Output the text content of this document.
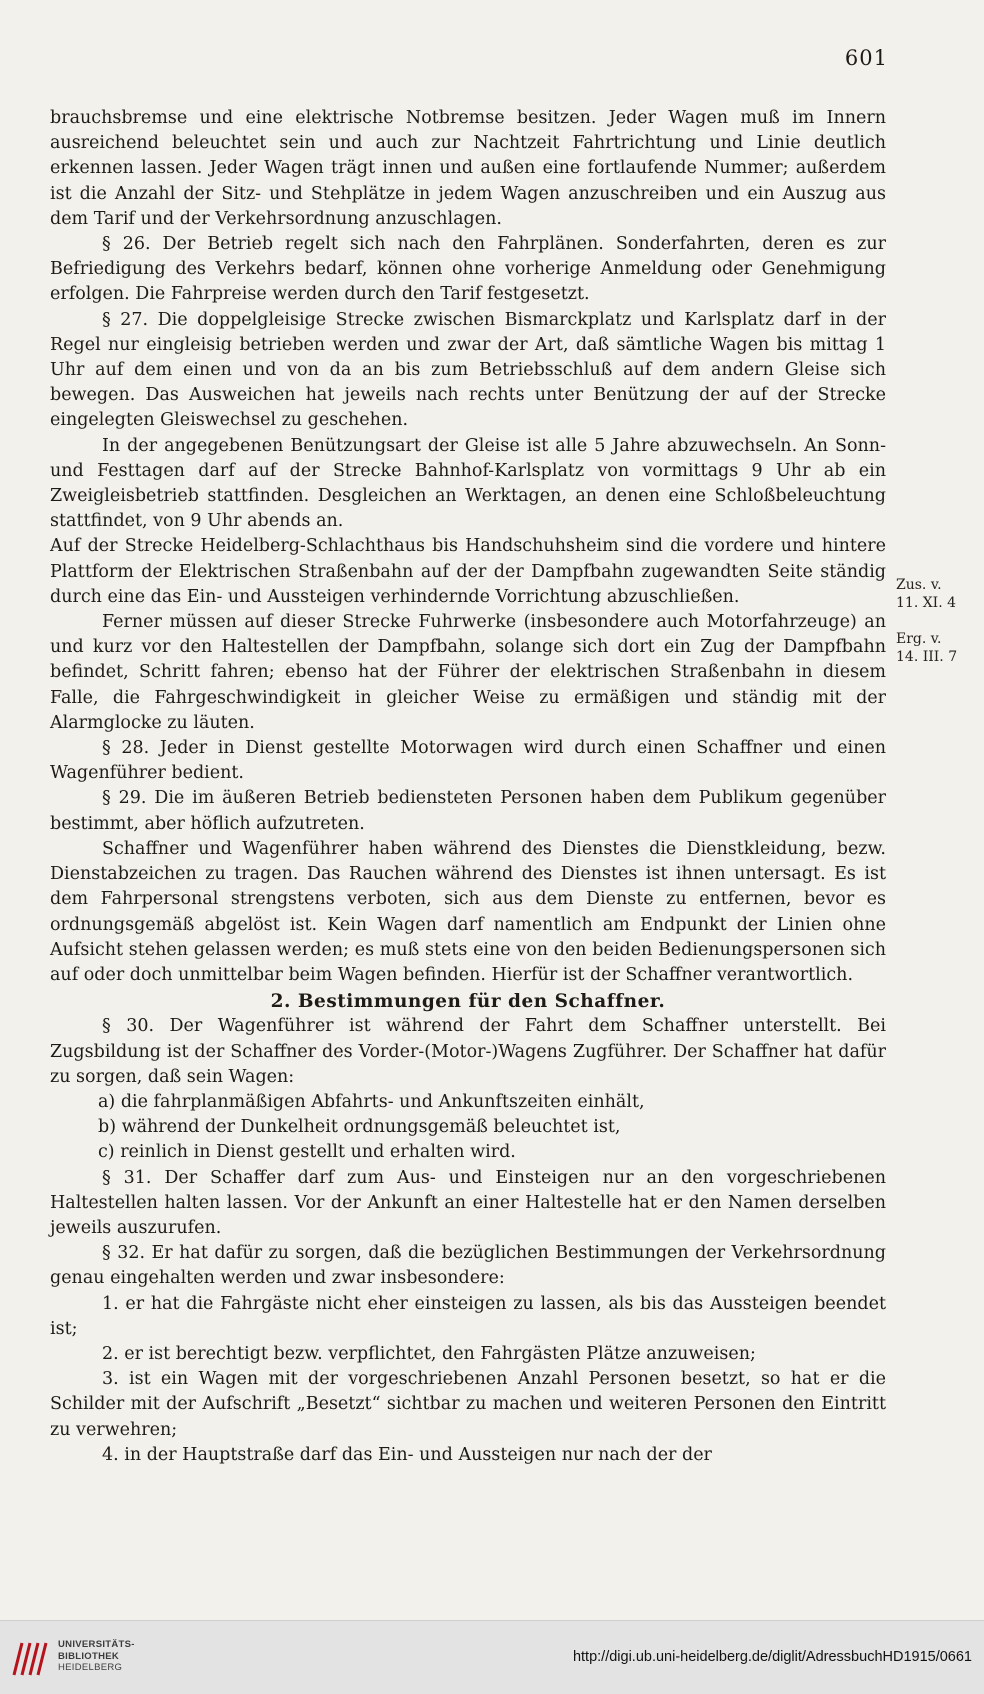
601

brauchsbremse und eine elektrische Notbremse besitzen. Jeder Wagen muß im Innern ausreichend beleuchtet sein und auch zur Nachtzeit Fahrtrichtung und Linie deutlich erkennen lassen. Jeder Wagen trägt innen und außen eine fortlaufende Nummer; außerdem ist die Anzahl der Sitz- und Stehplätze in jedem Wagen anzuschreiben und ein Auszug aus dem Tarif und der Verkehrsordnung anzuschlagen.

§ 26. Der Betrieb regelt sich nach den Fahrplänen. Sonderfahrten, deren es zur Befriedigung des Verkehrs bedarf, können ohne vorherige Anmeldung oder Genehmigung erfolgen. Die Fahrpreise werden durch den Tarif festgesetzt.

§ 27. Die doppelgleisige Strecke zwischen Bismarckplatz und Karlsplatz darf in der Regel nur eingleisig betrieben werden und zwar der Art, daß sämtliche Wagen bis mittag 1 Uhr auf dem einen und von da an bis zum Betriebsschluß auf dem andern Gleise sich bewegen. Das Ausweichen hat jeweils nach rechts unter Benützung der auf der Strecke eingelegten Gleiswechsel zu geschehen.

In der angegebenen Benützungsart der Gleise ist alle 5 Jahre abzuwechseln. An Sonn- und Festtagen darf auf der Strecke Bahnhof-Karlsplatz von vormittags 9 Uhr ab ein Zweigleisbetrieb stattfinden. Desgleichen an Werktagen, an denen eine Schloßbeleuchtung stattfindet, von 9 Uhr abends an.

Auf der Strecke Heidelberg-Schlachthaus bis Handschuhsheim sind die vordere und hintere Plattform der Elektrischen Straßenbahn auf der der Dampfbahn zugewandten Seite ständig durch eine das Ein- und Aussteigen verhindernde Vorrichtung abzuschließen.

Ferner müssen auf dieser Strecke Fuhrwerke (insbesondere auch Motorfahrzeuge) an und kurz vor den Haltestellen der Dampfbahn, solange sich dort ein Zug der Dampfbahn befindet, Schritt fahren; ebenso hat der Führer der elektrischen Straßenbahn in diesem Falle, die Fahrgeschwindigkeit in gleicher Weise zu ermäßigen und ständig mit der Alarmglocke zu läuten.

§ 28. Jeder in Dienst gestellte Motorwagen wird durch einen Schaffner und einen Wagenführer bedient.

§ 29. Die im äußeren Betrieb bediensteten Personen haben dem Publikum gegenüber bestimmt, aber höflich aufzutreten.

Schaffner und Wagenführer haben während des Dienstes die Dienstkleidung, bezw. Dienstabzeichen zu tragen. Das Rauchen während des Dienstes ist ihnen untersagt. Es ist dem Fahrpersonal strengstens verboten, sich aus dem Dienste zu entfernen, bevor es ordnungsgemäß abgelöst ist. Kein Wagen darf namentlich am Endpunkt der Linien ohne Aufsicht stehen gelassen werden; es muß stets eine von den beiden Bedienungspersonen sich auf oder doch unmittelbar beim Wagen befinden. Hierfür ist der Schaffner verantwortlich.

2. Bestimmungen für den Schaffner.

§ 30. Der Wagenführer ist während der Fahrt dem Schaffner unterstellt. Bei Zugsbildung ist der Schaffner des Vorder-(Motor-)Wagens Zugführer. Der Schaffner hat dafür zu sorgen, daß sein Wagen:

a) die fahrplanmäßigen Abfahrts- und Ankunftszeiten einhält,

b) während der Dunkelheit ordnungsgemäß beleuchtet ist,

c) reinlich in Dienst gestellt und erhalten wird.

§ 31. Der Schaffer darf zum Aus- und Einsteigen nur an den vorgeschriebenen Haltestellen halten lassen. Vor der Ankunft an einer Haltestelle hat er den Namen derselben jeweils auszurufen.

§ 32. Er hat dafür zu sorgen, daß die bezüglichen Bestimmungen der Verkehrsordnung genau eingehalten werden und zwar insbesondere:

1. er hat die Fahrgäste nicht eher einsteigen zu lassen, als bis das Aussteigen beendet ist;

2. er ist berechtigt bezw. verpflichtet, den Fahrgästen Plätze anzuweisen;

3. ist ein Wagen mit der vorgeschriebenen Anzahl Personen besetzt, so hat er die Schilder mit der Aufschrift „Besetzt“ sichtbar zu machen und weiteren Personen den Eintritt zu verwehren;

4. in der Hauptstraße darf das Ein- und Aussteigen nur nach der der

Zus. v.
11. XI. 4
Erg. v.
14. III. 7
UNIVERSITÄTS-
BIBLIOTHEK
HEIDELBERG
http://digi.ub.uni-heidelberg.de/diglit/AdressbuchHD1915/0661
